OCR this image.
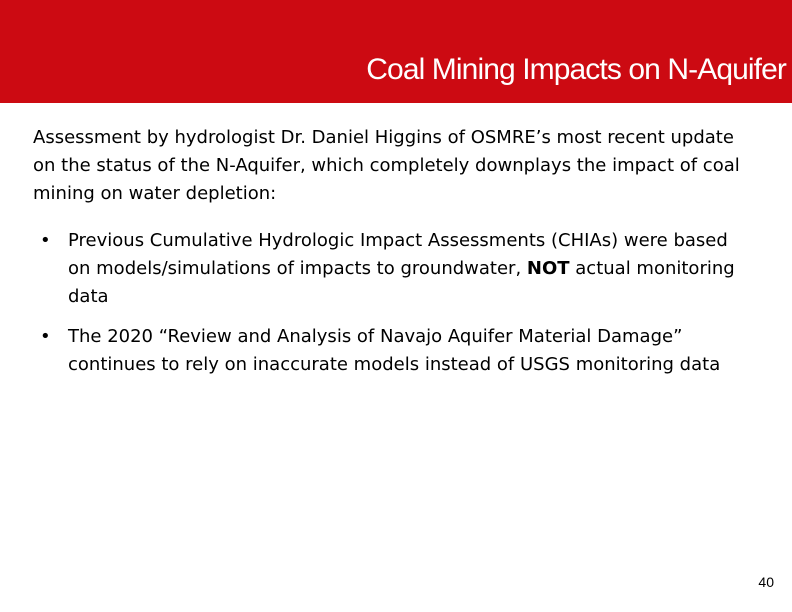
Coal Mining Impacts on N-Aquifer

Assessment by hydrologist Dr. Daniel Higgins of OSMRE’s most recent update on the status of the N-Aquifer, which completely downplays the impact of coal mining on water depletion:

• Previous Cumulative Hydrologic Impact Assessments (CHIAs) were based on models/simulations of impacts to groundwater, NOT actual monitoring data
• The 2020 “Review and Analysis of Navajo Aquifer Material Damage” continues to rely on inaccurate models instead of USGS monitoring data
40
